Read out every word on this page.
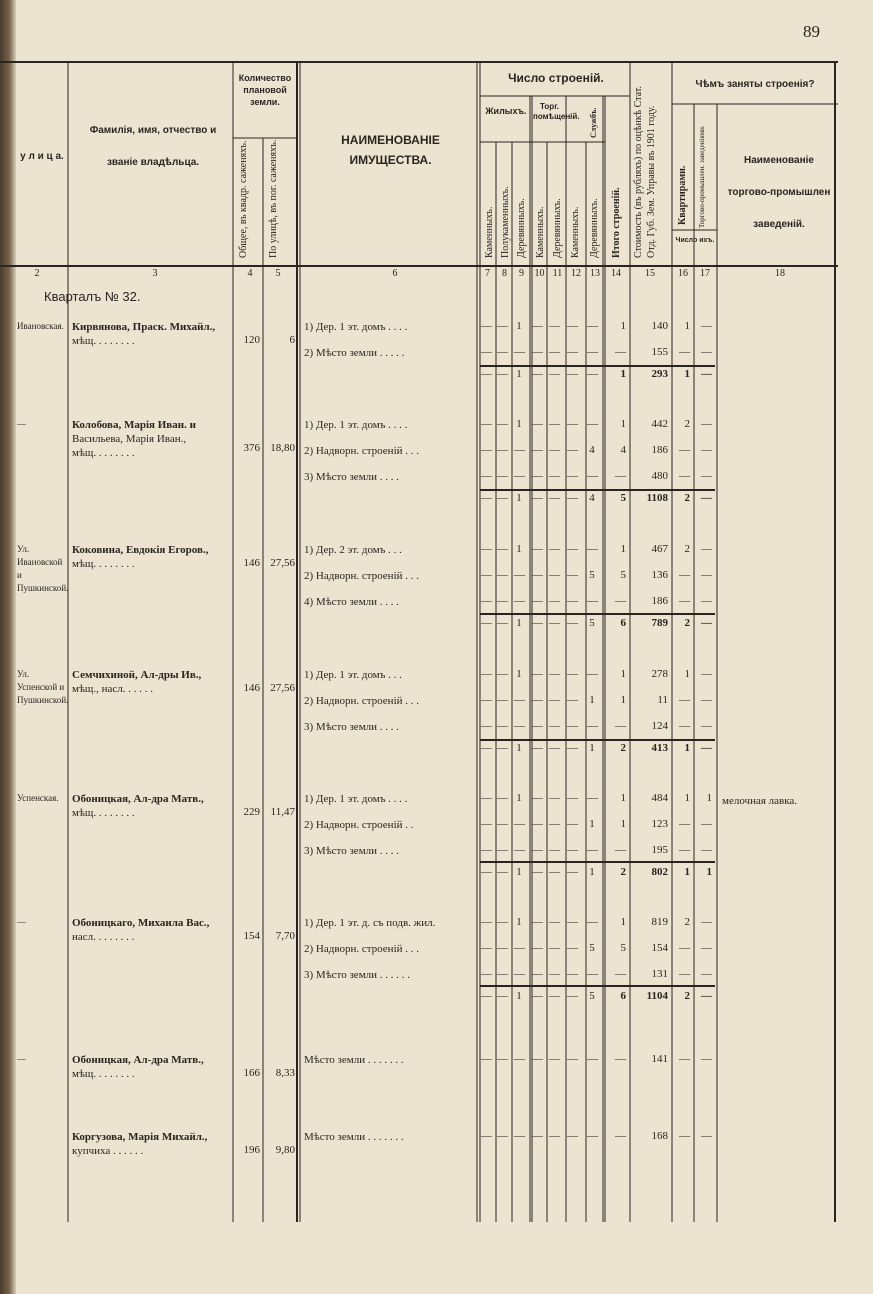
89
у л и ц а.
Фамилія, имя, отчество и званіе владѣльца.
Количество плановой земли.
Общее, въ квадр. саженяхъ. По улицѣ, въ пог. саженяхъ.	НАИМЕНОВАНІЕ ИМУЩЕСТВА.
Число строеній.
Жилыхъ.	Торг. помѣщеній. Службъ.
Каменныхъ. Полукаменныхъ. Деревянныхъ. Каменныхъ. Деревянныхъ. Каменныхъ. Деревянныхъ. Итого строеній. Стоимость (въ рубляхъ) по оцѣнкѣ Стат. Отд. Губ. Зем. Управы въ 1901 году.
Чѣмъ заняты строенія?
Квартирами. Торгово-промышлен. заведеніями.
Число ихъ.
Наименованіе торгово-промышлен заведеній.
2	3	4	5	6	7	8	9	10 11 12 13	14	15	16	17	18
Кварталъ № 32.
Ивановская. Кирвянова, Праск. Михайл.,
мѣщ. . . . . . . .	120	6
1) Дер. 1 эт. домъ . . . .	— — 1 — — — —	1	140	1	—
2) Мѣсто земли . . . . .	— — — — — — —	—	155	—	—
— — 1 — — — —	1	293	1	—
—	Колобова, Марія Иван. и
Васильева, Марія Иван.,
мѣщ. . . . . . . .	376 18,80
1) Дер. 1 эт. домъ . . . .	— — 1 — — — —	1	442	2	—
2) Надворн. строеній . . .	— — — — — — 4	4	186	—	—
3) Мѣсто земли . . . .	— — — — — — —	—	480	—	—
— — 1 — — — 4	5	1108	2	—
Ул. Ивановской и Пушкинской.
Коковина, Евдокія Егоров.,
мѣщ. . . . . . . .	146 27,56
1) Дер. 2 эт. домъ . . .	— — 1 — — — —	1	467	2	—
2) Надворн. строеній . . .	— — — — — — 5	5	136	—	—
4) Мѣсто земли . . . .	— — — — — — —	—	186	—	—
— — 1 — — — 5	6	789	2	—
Ул. Успенской и Пушкинской.
Семчихиной, Ал-дры Ив.,
мѣщ., насл. . . . . .	146 27,56
1) Дер. 1 эт. домъ . . .	— — 1 — — — —	1	278	1	—
2) Надворн. строеній . . .	— — — — — — 1	1	11	—	—
3) Мѣсто земли . . . .	— — — — — — —	—	124	—	—
— — 1 — — — 1	2	413	1	—
Успенская.	Обоницкая, Ал-дра Матв.,
мѣщ. . . . . . . .	229 11,47
1) Дер. 1 эт. домъ . . . .	— — 1 — — — —	1	484	1	1 мелочная лавка.
2) Надворн. строеній . .	— — — — — — 1	1	123	—	—
3) Мѣсто земли . . . .	— — — — — — —	—	195	—	—
— — 1 — — — 1	2	802	1	1
—	Обоницкаго, Михаила Вас.,
насл. . . . . . . .	154	7,70
1) Дер. 1 эт. д. съ подв. жил.	— — 1 — — — —	1	819	2	—
2) Надворн. строеній . . .	— — — — — — 5	5	154	—	—
3) Мѣсто земли . . . . . .	— — — — — — —	—	131	—	—
— — 1 — — — 5	6	1104	2	—
—	Обоницкая, Ал-дра Матв.,
мѣщ. . . . . . . .	166	8,33
Мѣсто земли . . . . . . .	— — — — — — —	—	141	—	—
Коргузова, Марія Михайл.,
купчиха . . . . . .	196	9,80
Мѣсто земли . . . . . . .	— — — — — — —	—	168	—	—
